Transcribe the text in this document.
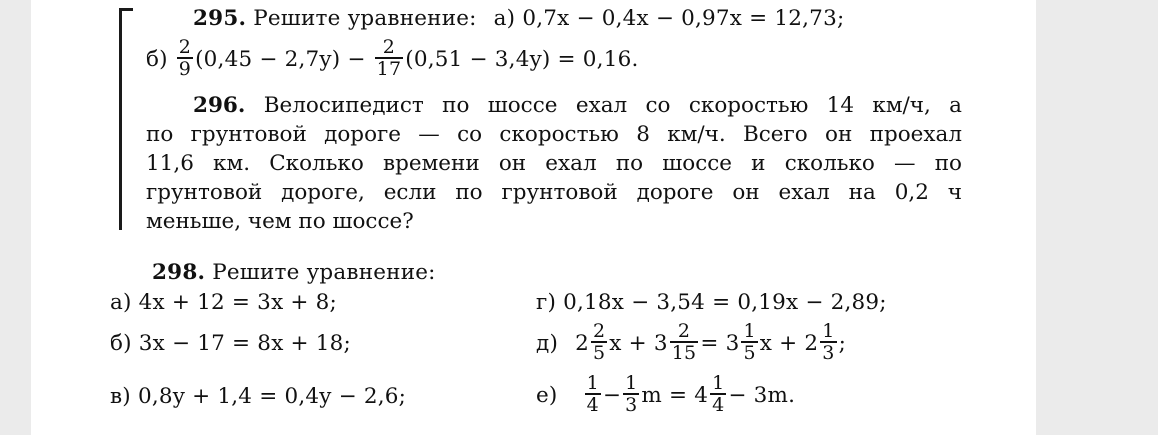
295. Решите уравнение: а) 0,7x − 0,4x − 0,97x = 12,73;
$б) \frac{2}{9} (0,45 - 2,7y) - \frac{2}{17} (0,51 - 3,4y) = 0,16$.
296. Велосипедист по шоссе ехал со скоростью 14 км/ч, а
по грунтовой дороге — со скоростью 8 км/ч. Всего он проехал
11,6 км. Сколько времени он ехал по шоссе и сколько — по
грунтовой дороге, если по грунтовой дороге он ехал на 0,2 ч
меньше, чем по шоссе?
298. Решите уравнение:
а) 4x + 12 = 3x + 8;
б) 3x − 17 = 8x + 18;
в) 0,8y + 1,4 = 0,4y − 2,6;
г) 0,18x − 3,54 = 0,19x − 2,89;
д) $2 \frac{2}{5}$ $x + 3 \frac{2}{15} = 3 \frac{1}{5}$ $x + 2 \frac{1}{3}$ ;
$е) \frac{1}{4} - \frac{1}{3}$ $m = 4 \frac{1}{4} - 3m$.
